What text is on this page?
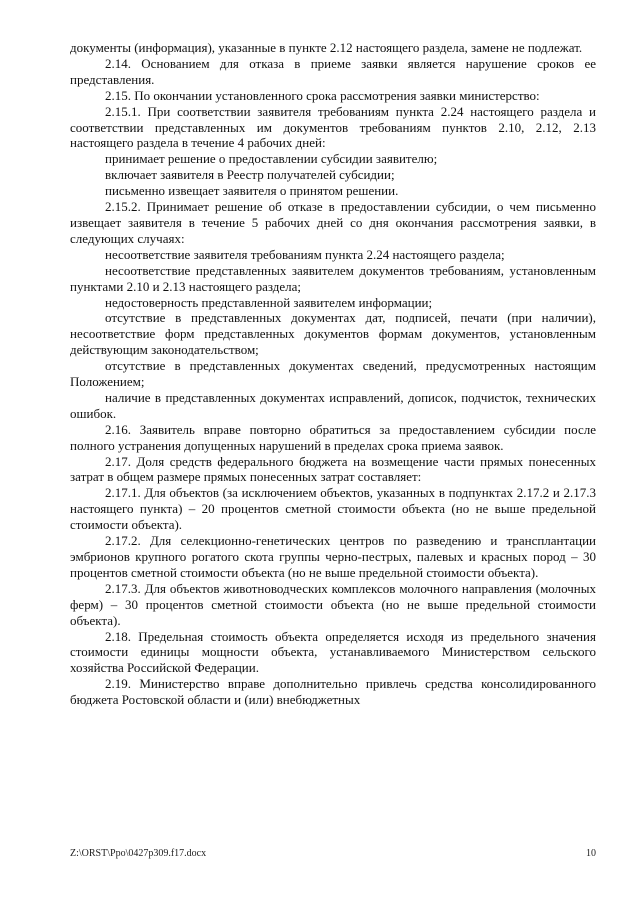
документы (информация), указанные в пункте 2.12 настоящего раздела, замене не подлежат.

2.14. Основанием для отказа в приеме заявки является нарушение сроков ее представления.

2.15. По окончании установленного срока рассмотрения заявки министерство:

2.15.1. При соответствии заявителя требованиям пункта 2.24 настоящего раздела и соответствии представленных им документов требованиям пунктов 2.10, 2.12, 2.13 настоящего раздела в течение 4 рабочих дней:

принимает решение о предоставлении субсидии заявителю;

включает заявителя в Реестр получателей субсидии;

письменно извещает заявителя о принятом решении.

2.15.2. Принимает решение об отказе в предоставлении субсидии, о чем письменно извещает заявителя в течение 5 рабочих дней со дня окончания рассмотрения заявки, в следующих случаях:

несоответствие заявителя требованиям пункта 2.24 настоящего раздела;

несоответствие представленных заявителем документов требованиям, установленным пунктами 2.10 и 2.13 настоящего раздела;

недостоверность представленной заявителем информации;

отсутствие в представленных документах дат, подписей, печати (при наличии), несоответствие форм представленных документов формам документов, установленным действующим законодательством;

отсутствие в представленных документах сведений, предусмотренных настоящим Положением;

наличие в представленных документах исправлений, дописок, подчисток, технических ошибок.

2.16. Заявитель вправе повторно обратиться за предоставлением субсидии после полного устранения допущенных нарушений в пределах срока приема заявок.

2.17. Доля средств федерального бюджета на возмещение части прямых понесенных затрат в общем размере прямых понесенных затрат составляет:

2.17.1. Для объектов (за исключением объектов, указанных в подпунктах 2.17.2 и 2.17.3 настоящего пункта) – 20 процентов сметной стоимости объекта (но не выше предельной стоимости объекта).

2.17.2. Для селекционно-генетических центров по разведению и трансплантации эмбрионов крупного рогатого скота группы черно-пестрых, палевых и красных пород – 30 процентов сметной стоимости объекта (но не выше предельной стоимости объекта).

2.17.3. Для объектов животноводческих комплексов молочного направления (молочных ферм) – 30 процентов сметной стоимости объекта (но не выше предельной стоимости объекта).

2.18. Предельная стоимость объекта определяется исходя из предельного значения стоимости единицы мощности объекта, устанавливаемого Министерством сельского хозяйства Российской Федерации.

2.19. Министерство вправе дополнительно привлечь средства консолидированного бюджета Ростовской области и (или) внебюджетных

Z:\ORST\Ppo\0427p309.f17.docx	10
